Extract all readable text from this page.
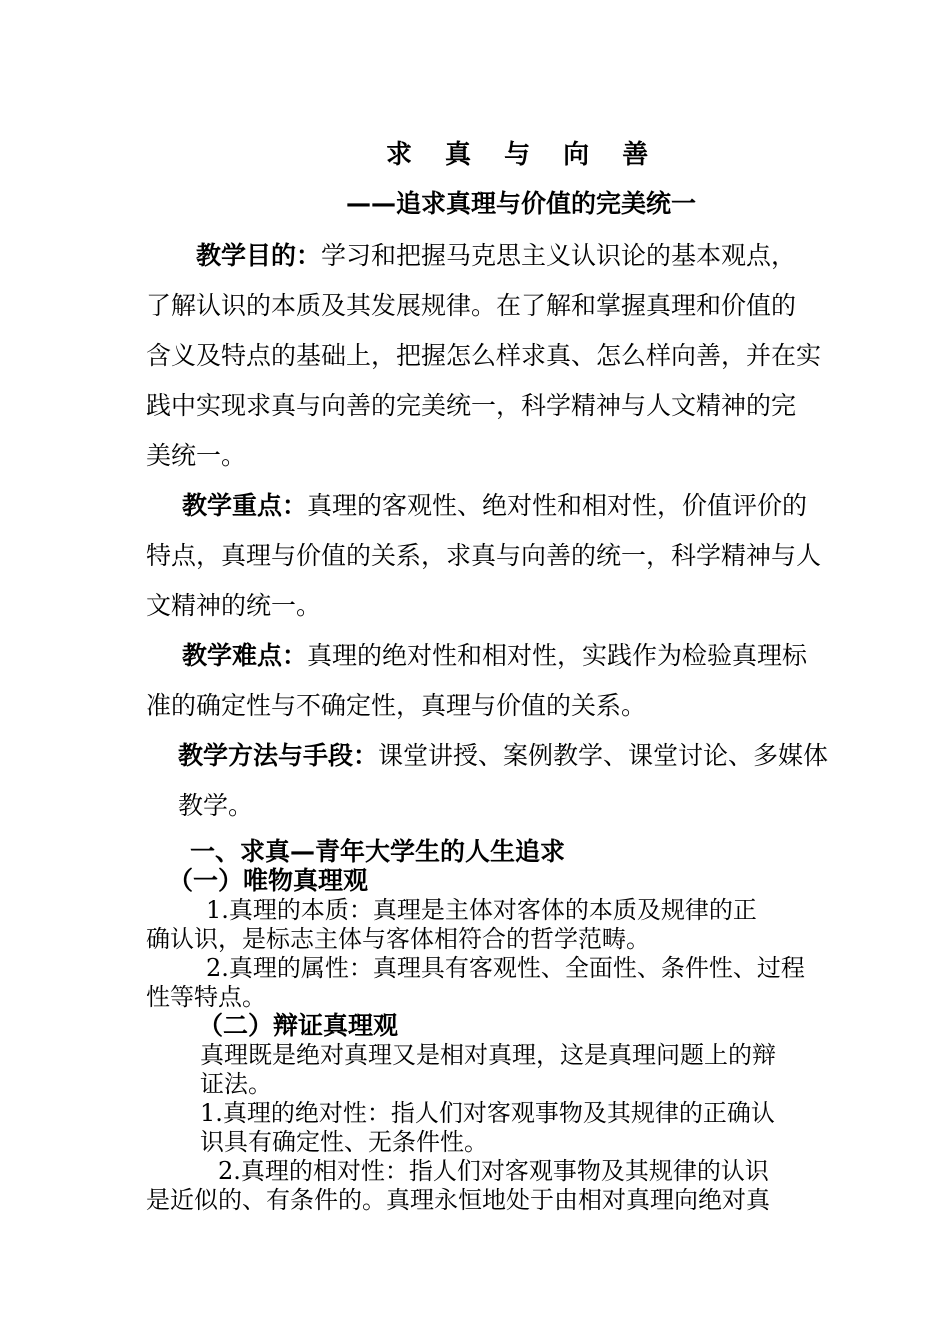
求 真 与 向 善
——追求真理与价值的完美统一
教学目的：学习和把握马克思主义认识论的基本观点，
了解认识的本质及其发展规律。在了解和掌握真理和价值的
含义及特点的基础上，把握怎么样求真、怎么样向善，并在实
践中实现求真与向善的完美统一，科学精神与人文精神的完
美统一。
教学重点：真理的客观性、绝对性和相对性，价值评价的
特点，真理与价值的关系，求真与向善的统一，科学精神与人
文精神的统一。
教学难点：真理的绝对性和相对性，实践作为检验真理标
准的确定性与不确定性，真理与价值的关系。
教学方法与手段：课堂讲授、案例教学、课堂讨论、多媒体
教学。
一、求真—青年大学生的人生追求
（一）唯物真理观
1.真理的本质：真理是主体对客体的本质及规律的正
确认识，是标志主体与客体相符合的哲学范畴。
2.真理的属性：真理具有客观性、全面性、条件性、过程
性等特点。
（二）辩证真理观
真理既是绝对真理又是相对真理，这是真理问题上的辩
证法。
1.真理的绝对性：指人们对客观事物及其规律的正确认
识具有确定性、无条件性。
2.真理的相对性：指人们对客观事物及其规律的认识
是近似的、有条件的。真理永恒地处于由相对真理向绝对真
